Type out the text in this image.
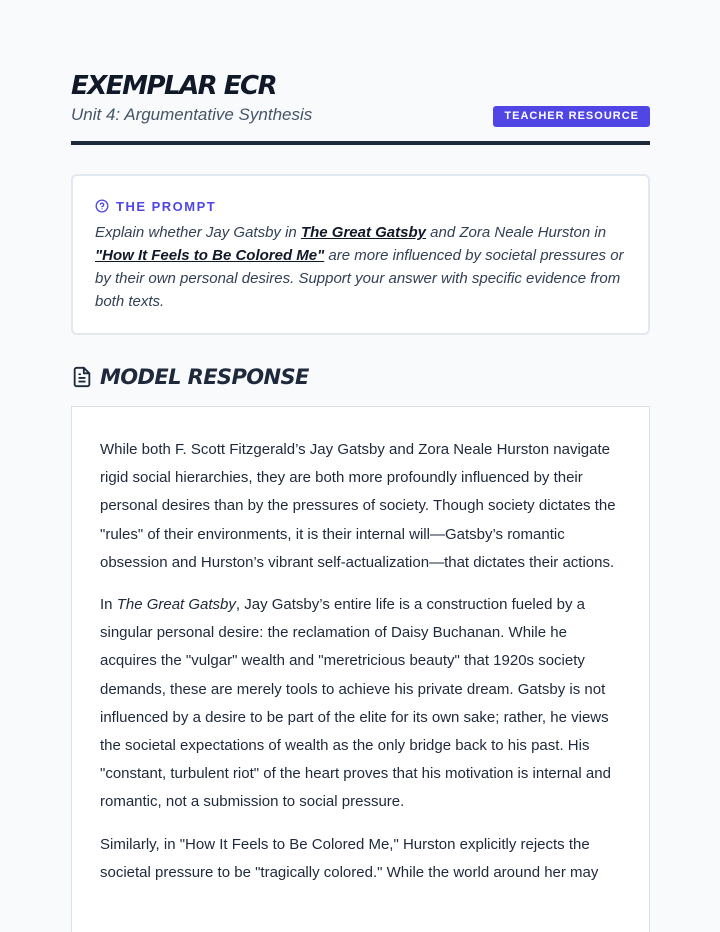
EXEMPLAR ECR
Unit 4: Argumentative Synthesis	TEACHER RESOURCE
THE PROMPT

Explain whether Jay Gatsby in The Great Gatsby and Zora Neale Hurston in "How It Feels to Be Colored Me" are more influenced by societal pressures or by their own personal desires. Support your answer with specific evidence from both texts.

MODEL RESPONSE

While both F. Scott Fitzgerald’s Jay Gatsby and Zora Neale Hurston navigate rigid social hierarchies, they are both more profoundly influenced by their personal desires than by the pressures of society. Though society dictates the "rules" of their environments, it is their internal will—Gatsby’s romantic obsession and Hurston’s vibrant self-actualization—that dictates their actions.

In The Great Gatsby, Jay Gatsby’s entire life is a construction fueled by a singular personal desire: the reclamation of Daisy Buchanan. While he acquires the "vulgar" wealth and "meretricious beauty" that 1920s society demands, these are merely tools to achieve his private dream. Gatsby is not influenced by a desire to be part of the elite for its own sake; rather, he views the societal expectations of wealth as the only bridge back to his past. His "constant, turbulent riot" of the heart proves that his motivation is internal and romantic, not a submission to social pressure.

Similarly, in "How It Feels to Be Colored Me," Hurston explicitly rejects the societal pressure to be "tragically colored." While the world around her may
